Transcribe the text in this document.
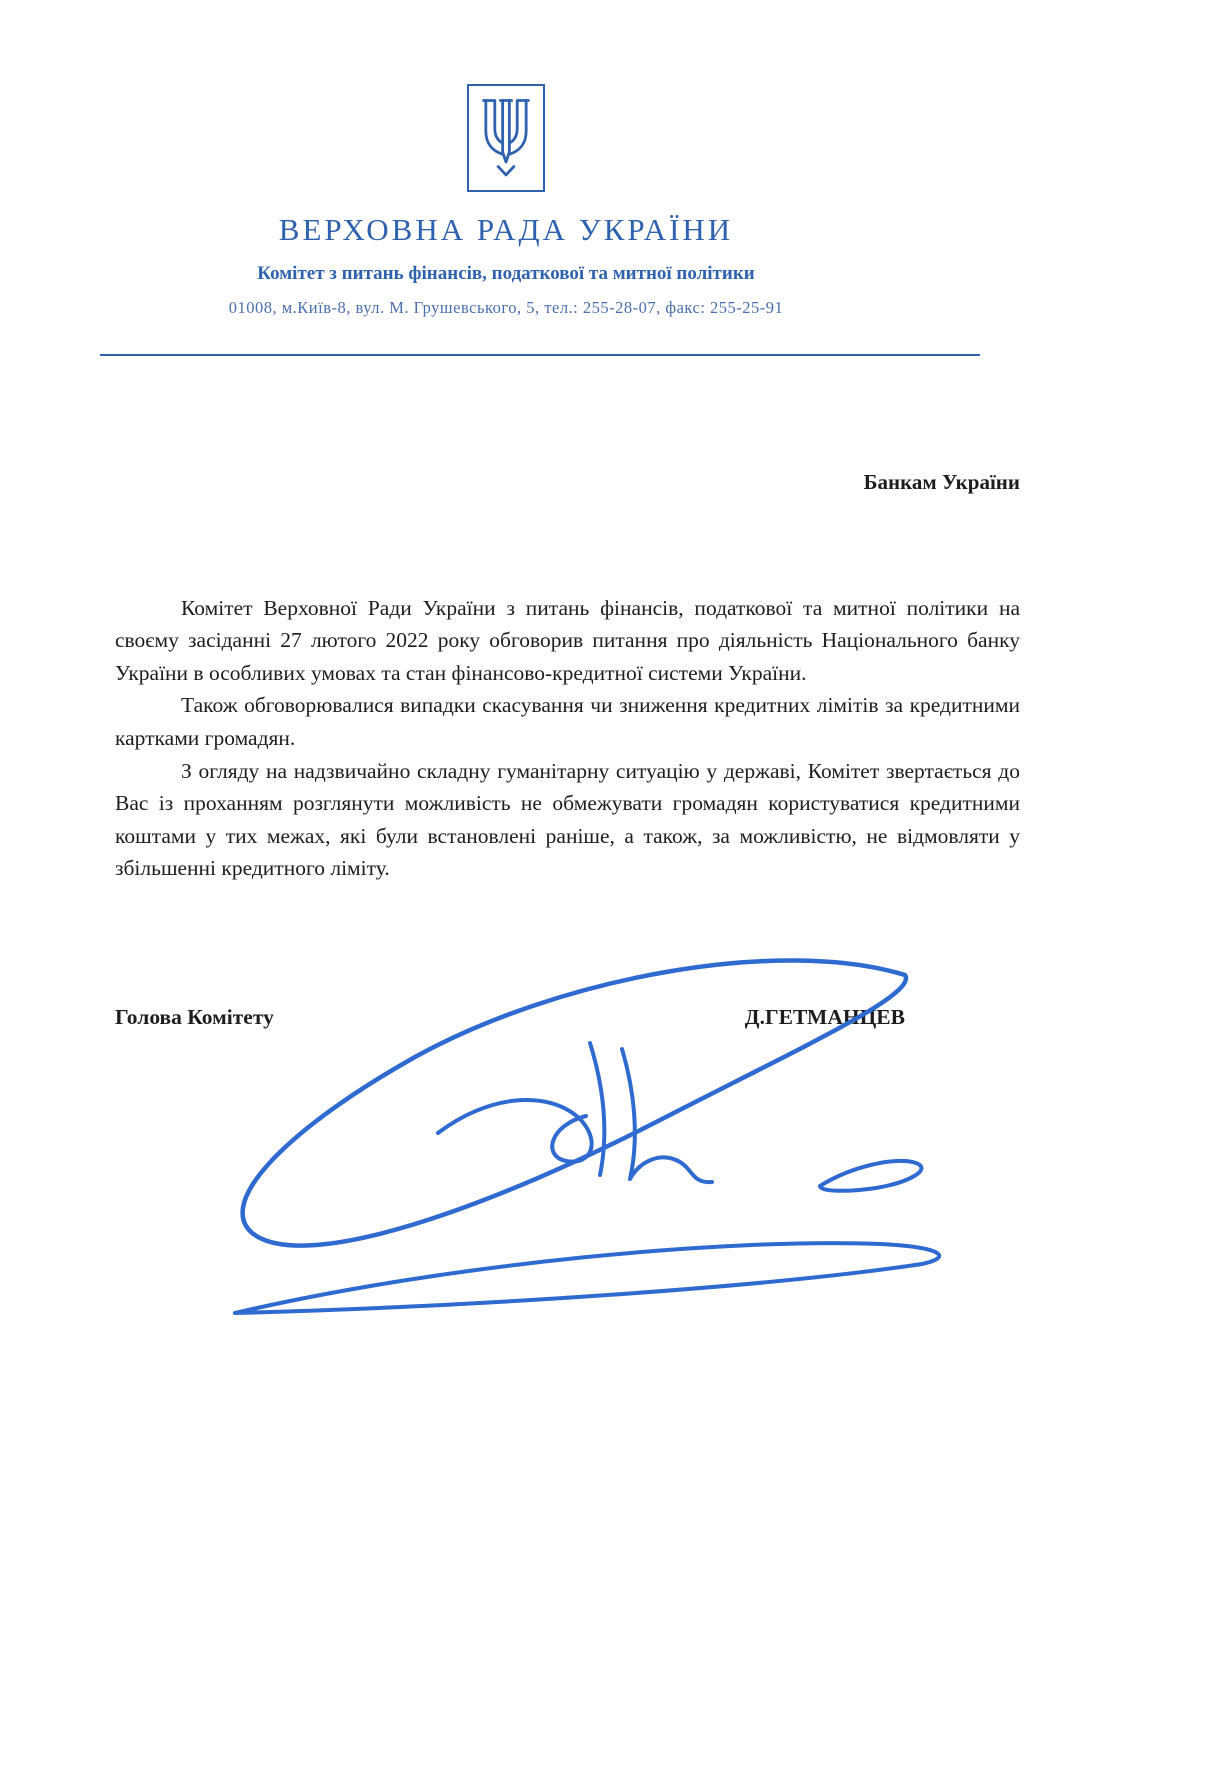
ВЕРХОВНА РАДА УКРАЇНИ
Комітет з питань фінансів, податкової та митної політики
01008, м.Київ-8, вул. М. Грушевського, 5, тел.: 255-28-07, факс: 255-25-91
Банкам України

Комітет Верховної Ради України з питань фінансів, податкової та митної політики на своєму засіданні 27 лютого 2022 року обговорив питання про діяльність Національного банку України в особливих умовах та стан фінансово-кредитної системи України.

Також обговорювалися випадки скасування чи зниження кредитних лімітів за кредитними картками громадян.

З огляду на надзвичайно складну гуманітарну ситуацію у державі, Комітет звертається до Вас із проханням розглянути можливість не обмежувати громадян користуватися кредитними коштами у тих межах, які були встановлені раніше, а також, за можливістю, не відмовляти у збільшенні кредитного ліміту.

Голова Комітету	Д.ГЕТМАНЦЕВ
